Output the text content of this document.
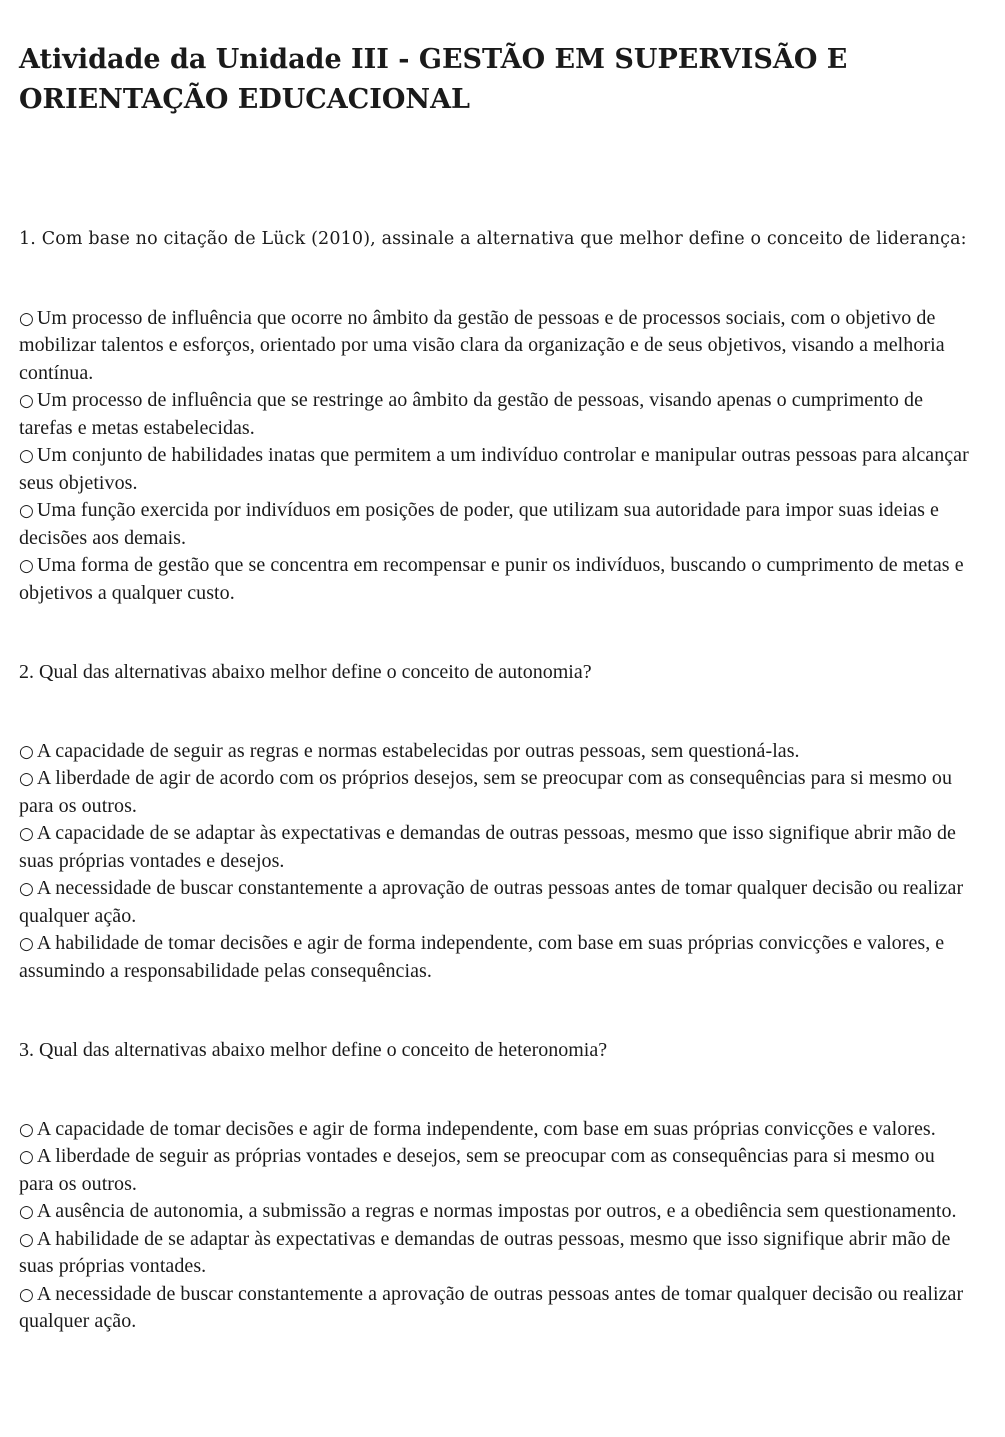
Atividade da Unidade III - GESTÃO EM SUPERVISÃO E ORIENTAÇÃO EDUCACIONAL

1. Com base no citação de Lück (2010), assinale a alternativa que melhor define o conceito de liderança:

○ Um processo de influência que ocorre no âmbito da gestão de pessoas e de processos sociais, com o objetivo de mobilizar talentos e esforços, orientado por uma visão clara da organização e de seus objetivos, visando a melhoria contínua.
○ Um processo de influência que se restringe ao âmbito da gestão de pessoas, visando apenas o cumprimento de tarefas e metas estabelecidas.
○ Um conjunto de habilidades inatas que permitem a um indivíduo controlar e manipular outras pessoas para alcançar seus objetivos.
○ Uma função exercida por indivíduos em posições de poder, que utilizam sua autoridade para impor suas ideias e decisões aos demais.
○ Uma forma de gestão que se concentra em recompensar e punir os indivíduos, buscando o cumprimento de metas e objetivos a qualquer custo.

2. Qual das alternativas abaixo melhor define o conceito de autonomia?

○ A capacidade de seguir as regras e normas estabelecidas por outras pessoas, sem questioná-las.
○ A liberdade de agir de acordo com os próprios desejos, sem se preocupar com as consequências para si mesmo ou para os outros.
○ A capacidade de se adaptar às expectativas e demandas de outras pessoas, mesmo que isso signifique abrir mão de suas próprias vontades e desejos.
○ A necessidade de buscar constantemente a aprovação de outras pessoas antes de tomar qualquer decisão ou realizar qualquer ação.
○ A habilidade de tomar decisões e agir de forma independente, com base em suas próprias convicções e valores, e assumindo a responsabilidade pelas consequências.

3. Qual das alternativas abaixo melhor define o conceito de heteronomia?

○ A capacidade de tomar decisões e agir de forma independente, com base em suas próprias convicções e valores.
○ A liberdade de seguir as próprias vontades e desejos, sem se preocupar com as consequências para si mesmo ou para os outros.
○ A ausência de autonomia, a submissão a regras e normas impostas por outros, e a obediência sem questionamento.
○ A habilidade de se adaptar às expectativas e demandas de outras pessoas, mesmo que isso signifique abrir mão de suas próprias vontades.
○ A necessidade de buscar constantemente a aprovação de outras pessoas antes de tomar qualquer decisão ou realizar qualquer ação.
